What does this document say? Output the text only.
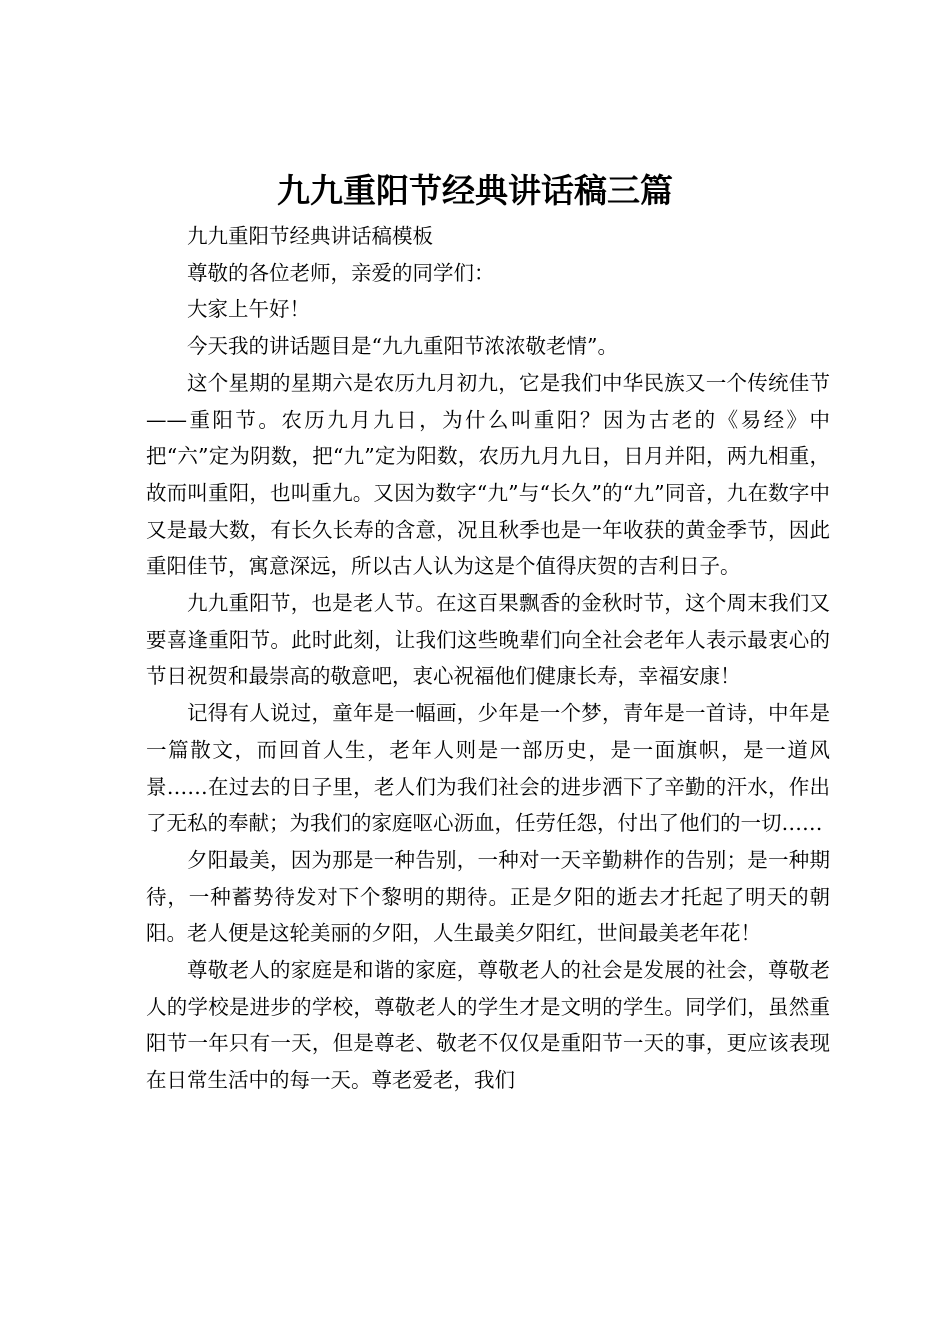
九九重阳节经典讲话稿三篇

九九重阳节经典讲话稿模板

尊敬的各位老师，亲爱的同学们：

大家上午好！

今天我的讲话题目是“九九重阳节浓浓敬老情”。

这个星期的星期六是农历九月初九，它是我们中华民族又一个传统佳节——重阳节。农历九月九日，为什么叫重阳？因为古老的《易经》中把“六”定为阴数，把“九”定为阳数，农历九月九日，日月并阳，两九相重，故而叫重阳，也叫重九。又因为数字“九”与“长久”的“九”同音，九在数字中又是最大数，有长久长寿的含意，况且秋季也是一年收获的黄金季节，因此重阳佳节，寓意深远，所以古人认为这是个值得庆贺的吉利日子。

九九重阳节，也是老人节。在这百果飘香的金秋时节，这个周末我们又要喜逢重阳节。此时此刻，让我们这些晚辈们向全社会老年人表示最衷心的节日祝贺和最崇高的敬意吧，衷心祝福他们健康长寿，幸福安康！

记得有人说过，童年是一幅画，少年是一个梦，青年是一首诗，中年是一篇散文，而回首人生，老年人则是一部历史，是一面旗帜，是一道风景……在过去的日子里，老人们为我们社会的进步洒下了辛勤的汗水，作出了无私的奉献；为我们的家庭呕心沥血，任劳任怨，付出了他们的一切……

夕阳最美，因为那是一种告别，一种对一天辛勤耕作的告别；是一种期待，一种蓄势待发对下个黎明的期待。正是夕阳的逝去才托起了明天的朝阳。老人便是这轮美丽的夕阳，人生最美夕阳红，世间最美老年花！

尊敬老人的家庭是和谐的家庭，尊敬老人的社会是发展的社会，尊敬老人的学校是进步的学校，尊敬老人的学生才是文明的学生。同学们，虽然重阳节一年只有一天，但是尊老、敬老不仅仅是重阳节一天的事，更应该表现在日常生活中的每一天。尊老爱老，我们
